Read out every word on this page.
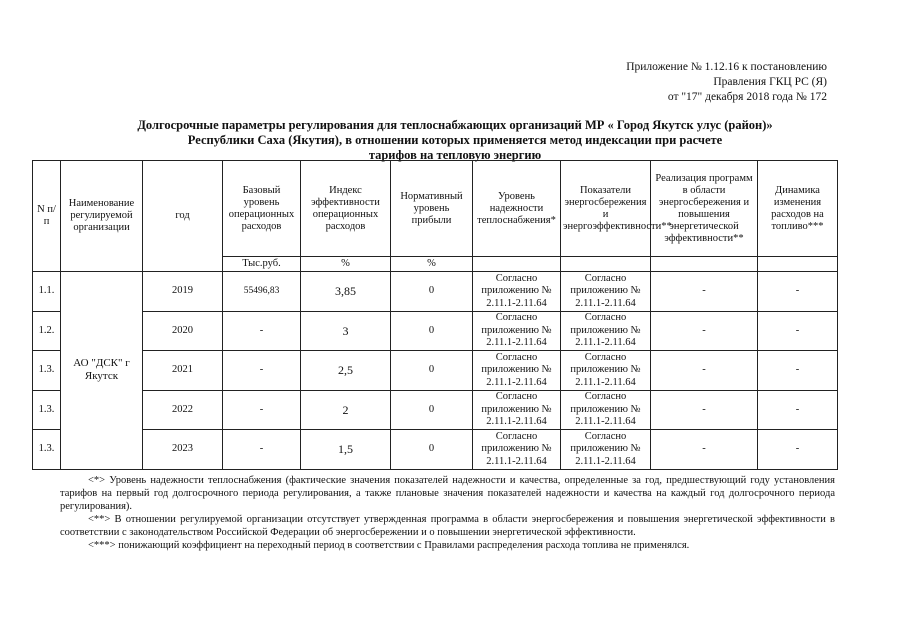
Приложение № 1.12.16 к постановлению
Правления ГКЦ РС (Я)
от "17" декабря 2018 года № 172
Долгосрочные параметры регулирования для теплоснабжающих организаций МР « Город Якутск улус (район)»
Республики Саха (Якутия), в отношении которых применяется метод индексации при расчете
тарифов на тепловую энергию
N п/п	Наименование регулируемой организации	год	Базовый уровень операционных расходов	Индекс эффективности операционных расходов	Нормативный уровень прибыли	Уровень надежности теплоснабжения*	Показатели энергосбережения и энергоэффективности**	Реализация программ в области энергосбережения и повышения энергетической эффективности**	Динамика изменения расходов на топливо***
			Тыс.руб.	%	%				
1.1.	АО "ДСК" г Якутск	2019	55496,83	3,85	0	Согласно приложению № 2.11.1-2.11.64	Согласно приложению № 2.11.1-2.11.64	-	-
1.2.		2020	-	3	0	Согласно приложению № 2.11.1-2.11.64	Согласно приложению № 2.11.1-2.11.64	-	-
1.3.		2021	-	2,5	0	Согласно приложению № 2.11.1-2.11.64	Согласно приложению № 2.11.1-2.11.64	-	-
1.3.		2022	-	2	0	Согласно приложению № 2.11.1-2.11.64	Согласно приложению № 2.11.1-2.11.64	-	-
1.3.		2023	-	1,5	0	Согласно приложению № 2.11.1-2.11.64	Согласно приложению № 2.11.1-2.11.64	-	-

<*> Уровень надежности теплоснабжения (фактические значения показателей надежности и качества, определенные за год, предшествующий году установления тарифов на первый год долгосрочного периода регулирования, а также плановые значения показателей надежности и качества на каждый год долгосрочного периода регулирования).

<**> В отношении регулируемой организации отсутствует утвержденная программа в области энергосбережения и повышения энергетической эффективности в соответствии с законодательством Российской Федерации об энергосбережении и о повышении энергетической эффективности.

<***> понижающий коэффициент на переходный период в соответствии с Правилами распределения расхода топлива не применялся.
